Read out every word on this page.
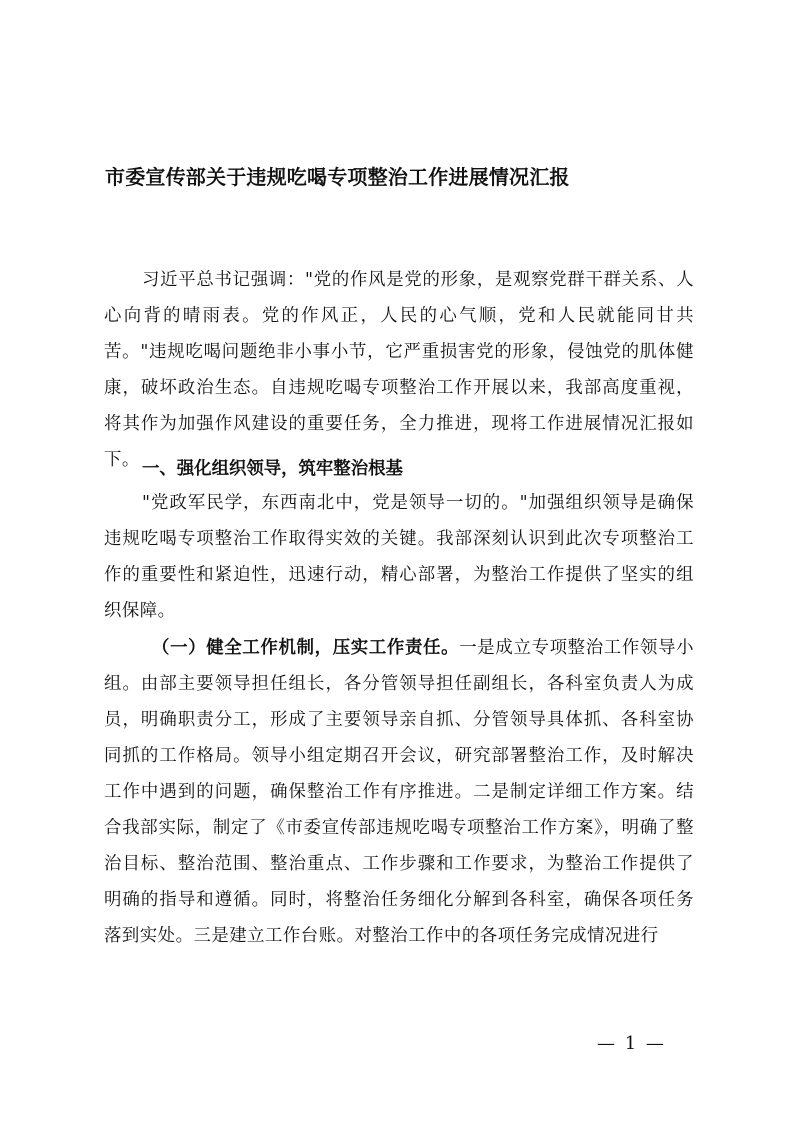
市委宣传部关于违规吃喝专项整治工作进展情况汇报
习近平总书记强调："党的作风是党的形象，是观察党群干群关系、人心向背的晴雨表。党的作风正，人民的心气顺，党和人民就能同甘共苦。"违规吃喝问题绝非小事小节，它严重损害党的形象，侵蚀党的肌体健康，破坏政治生态。自违规吃喝专项整治工作开展以来，我部高度重视，将其作为加强作风建设的重要任务，全力推进，现将工作进展情况汇报如下。 一、强化组织领导，筑牢整治根基
"党政军民学，东西南北中，党是领导一切的。"加强组织领导是确保违规吃喝专项整治工作取得实效的关键。我部深刻认识到此次专项整治工作的重要性和紧迫性，迅速行动，精心部署，为整治工作提供了坚实的组织保障。
（一）健全工作机制，压实工作责任。一是成立专项整治工作领导小组。由部主要领导担任组长，各分管领导担任副组长，各科室负责人为成员，明确职责分工，形成了主要领导亲自抓、分管领导具体抓、各科室协同抓的工作格局。领导小组定期召开会议，研究部署整治工作，及时解决工作中遇到的问题，确保整治工作有序推进。二是制定详细工作方案。结合我部实际，制定了《市委宣传部违规吃喝专项整治工作方案》，明确了整治目标、整治范围、整治重点、工作步骤和工作要求，为整治工作提供了明确的指导和遵循。同时，将整治任务细化分解到各科室，确保各项任务落到实处。三是建立工作台账。对整治工作中的各项任务完成情况进行
— 1 —
